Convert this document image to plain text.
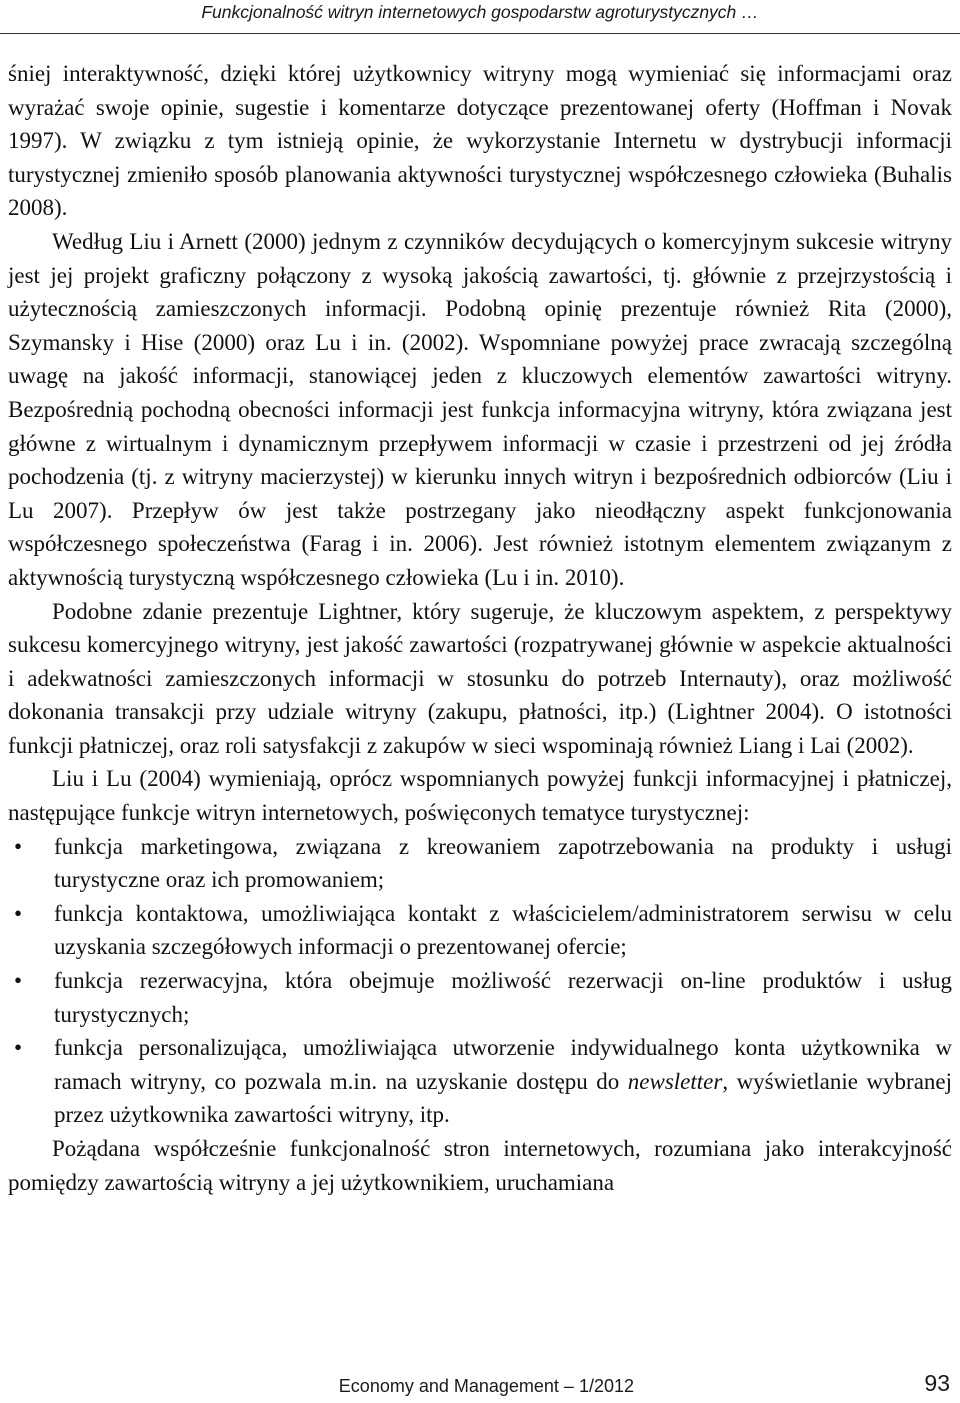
Funkcjonalność witryn internetowych gospodarstw agroturystycznych …

śniej interaktywność, dzięki której użytkownicy witryny mogą wymieniać się informacjami oraz wyrażać swoje opinie, sugestie i komentarze dotyczące prezentowanej oferty (Hoffman i Novak 1997). W związku z tym istnieją opinie, że wykorzystanie Internetu w dystrybucji informacji turystycznej zmieniło sposób planowania aktywności turystycznej współczesnego człowieka (Buhalis 2008).

Według Liu i Arnett (2000) jednym z czynników decydujących o komercyjnym sukcesie witryny jest jej projekt graficzny połączony z wysoką jakością zawartości, tj. głównie z przejrzystością i użytecznością zamieszczonych informacji. Podobną opinię prezentuje również Rita (2000), Szymansky i Hise (2000) oraz Lu i in. (2002). Wspomniane powyżej prace zwracają szczególną uwagę na jakość informacji, stanowiącej jeden z kluczowych elementów zawartości witryny. Bezpośrednią pochodną obecności informacji jest funkcja informacyjna witryny, która związana jest główne z wirtualnym i dynamicznym przepływem informacji w czasie i przestrzeni od jej źródła pochodzenia (tj. z witryny macierzystej) w kierunku innych witryn i bezpośrednich odbiorców (Liu i Lu 2007). Przepływ ów jest także postrzegany jako nieodłączny aspekt funkcjonowania współczesnego społeczeństwa (Farag i in. 2006). Jest również istotnym elementem związanym z aktywnością turystyczną współczesnego człowieka (Lu i in. 2010).

Podobne zdanie prezentuje Lightner, który sugeruje, że kluczowym aspektem, z perspektywy sukcesu komercyjnego witryny, jest jakość zawartości (rozpatrywanej głównie w aspekcie aktualności i adekwatności zamieszczonych informacji w stosunku do potrzeb Internauty), oraz możliwość dokonania transakcji przy udziale witryny (zakupu, płatności, itp.) (Lightner 2004). O istotności funkcji płatniczej, oraz roli satysfakcji z zakupów w sieci wspominają również Liang i Lai (2002).

Liu i Lu (2004) wymieniają, oprócz wspomnianych powyżej funkcji informacyjnej i płatniczej, następujące funkcje witryn internetowych, poświęconych tematyce turystycznej:

• funkcja marketingowa, związana z kreowaniem zapotrzebowania na produkty i usługi turystyczne oraz ich promowaniem;
• funkcja kontaktowa, umożliwiająca kontakt z właścicielem/administratorem serwisu w celu uzyskania szczegółowych informacji o prezentowanej ofercie;
• funkcja rezerwacyjna, która obejmuje możliwość rezerwacji on-line produktów i usług turystycznych;
• funkcja personalizująca, umożliwiająca utworzenie indywidualnego konta użytkownika w ramach witryny, co pozwala m.in. na uzyskanie dostępu do newsletter, wyświetlanie wybranej przez użytkownika zawartości witryny, itp.

Pożądana współcześnie funkcjonalność stron internetowych, rozumiana jako interakcyjność pomiędzy zawartością witryny a jej użytkownikiem, uruchamiana

Economy and Management – 1/2012	93
